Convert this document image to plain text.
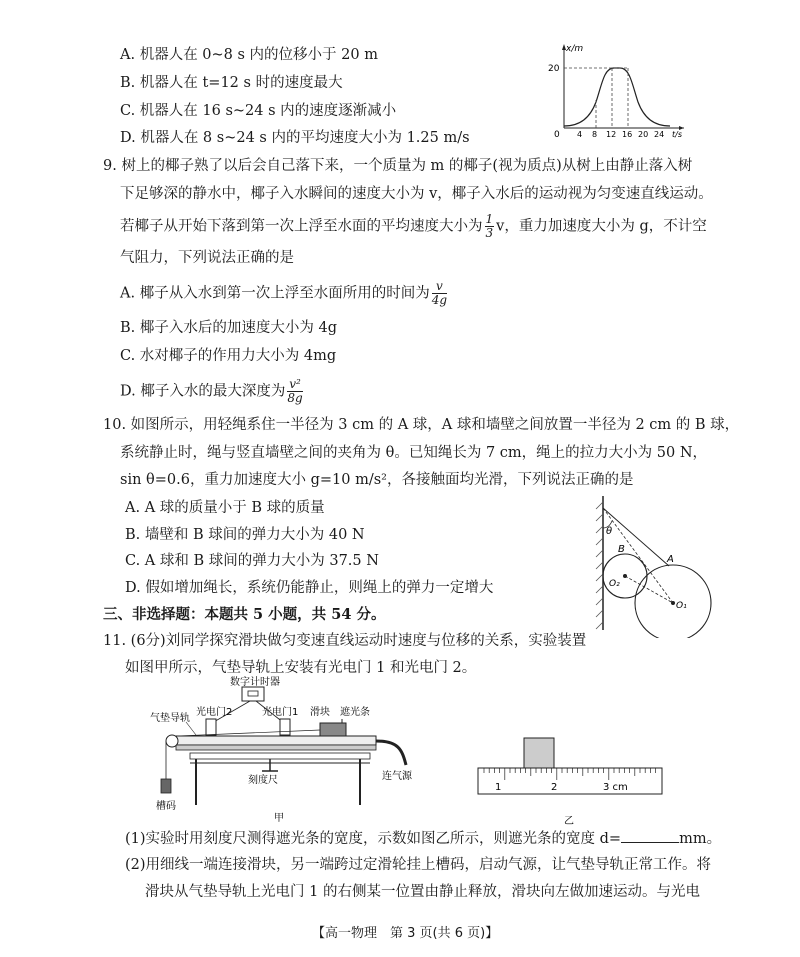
A. 机器人在 0~8 s 内的位移小于 20 m
B. 机器人在 t=12 s 时的速度最大
C. 机器人在 16 s~24 s 内的速度逐渐减小
D. 机器人在 8 s~24 s 内的平均速度大小为 1.25 m/s
x/m
20
0 4 8 12 16 20 24 t/s
9. 树上的椰子熟了以后会自己落下来，一个质量为 m 的椰子(视为质点)从树上由静止落入树
下足够深的静水中，椰子入水瞬间的速度大小为 v，椰子入水后的运动视为匀变速直线运动。
若椰子从开始下落到第一次上浮至水面的平均速度大小为 $\frac{1}{3}$ v，重力加速度大小为 g，不计空
气阻力，下列说法正确的是
A. 椰子从入水到第一次上浮至水面所用的时间为 $\frac{v}{4g}$
B. 椰子入水后的加速度大小为 4g
C. 水对椰子的作用力大小为 4mg
D. 椰子入水的最大深度为 $\frac{\text{v²}}{8g}$
10. 如图所示，用轻绳系住一半径为 3 cm 的 A 球，A 球和墙壁之间放置一半径为 2 cm 的 B 球，
系统静止时，绳与竖直墙壁之间的夹角为 θ。已知绳长为 7 cm，绳上的拉力大小为 50 N，
sin θ=0.6，重力加速度大小 g=10 m/s²，各接触面均光滑，下列说法正确的是
A. A 球的质量小于 B 球的质量
B. 墙壁和 B 球间的弹力大小为 40 N
C. A 球和 B 球间的弹力大小为 37.5 N
D. 假如增加绳长，系统仍能静止，则绳上的弹力一定增大
θ
B
A
O₂
O₁
三、非选择题：本题共 5 小题，共 54 分。
11. (6分)刘同学探究滑块做匀变速直线运动时速度与位移的关系，实验装置
如图甲所示，气垫导轨上安装有光电门 1 和光电门 2。
数字计时器
光电门2	光电门1 滑块 遮光条
槽码
气垫导轨
刻度尺	连气源
甲
1	2	3 cm
乙
(1)实验时用刻度尺测得遮光条的宽度，示数如图乙所示，则遮光条的宽度 d=	mm。
(2)用细线一端连接滑块，另一端跨过定滑轮挂上槽码，启动气源，让气垫导轨正常工作。将
滑块从气垫导轨上光电门 1 的右侧某一位置由静止释放，滑块向左做加速运动。与光电
【高一物理　第 3 页(共 6 页)】
